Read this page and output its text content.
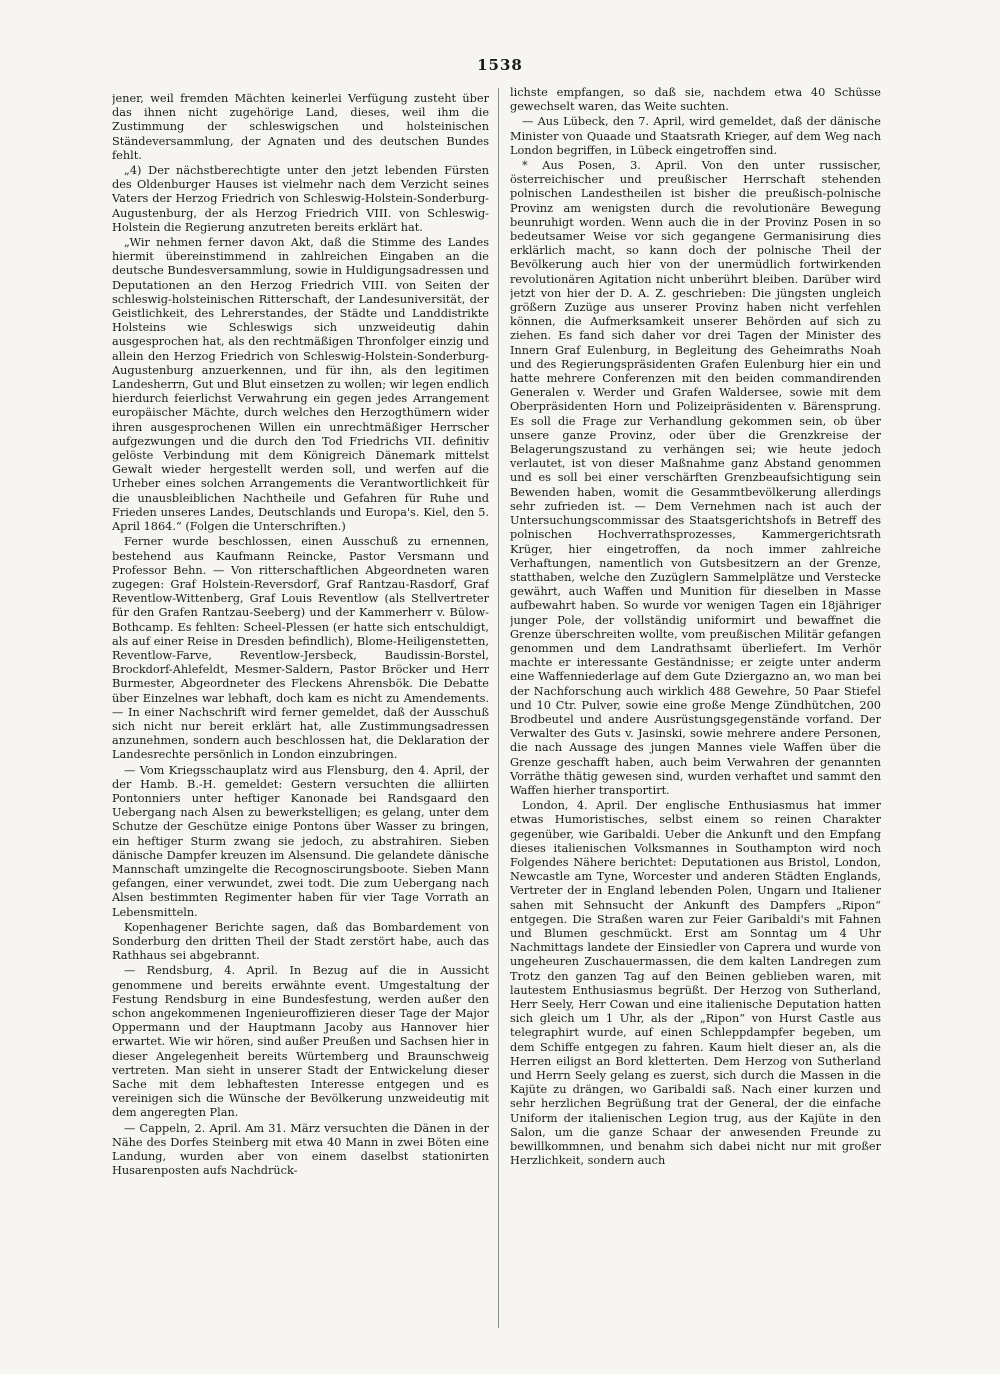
1538

jener, weil fremden Mächten keinerlei Verfügung zusteht über das ihnen nicht zugehörige Land, dieses, weil ihm die Zustimmung der schleswigschen und holsteinischen Ständeversammlung, der Agnaten und des deutschen Bundes fehlt.

„4) Der nächstberechtigte unter den jetzt lebenden Fürsten des Oldenburger Hauses ist vielmehr nach dem Verzicht seines Vaters der Herzog Friedrich von Schleswig-Holstein-Sonderburg-Augustenburg, der als Herzog Friedrich VIII. von Schleswig-Holstein die Regierung anzutreten bereits erklärt hat.

„Wir nehmen ferner davon Akt, daß die Stimme des Landes hiermit übereinstimmend in zahlreichen Eingaben an die deutsche Bundesversammlung, sowie in Huldigungsadressen und Deputationen an den Herzog Friedrich VIII. von Seiten der schleswig-holsteinischen Ritterschaft, der Landesuniversität, der Geistlichkeit, des Lehrerstandes, der Städte und Landdistrikte Holsteins wie Schleswigs sich unzweideutig dahin ausgesprochen hat, als den rechtmäßigen Thronfolger einzig und allein den Herzog Friedrich von Schleswig-Holstein-Sonderburg-Augustenburg anzuerkennen, und für ihn, als den legitimen Landesherrn, Gut und Blut einsetzen zu wollen; wir legen endlich hierdurch feierlichst Verwahrung ein gegen jedes Arrangement europäischer Mächte, durch welches den Herzogthümern wider ihren ausgesprochenen Willen ein unrechtmäßiger Herrscher aufgezwungen und die durch den Tod Friedrichs VII. definitiv gelöste Verbindung mit dem Königreich Dänemark mittelst Gewalt wieder hergestellt werden soll, und werfen auf die Urheber eines solchen Arrangements die Verantwortlichkeit für die unausbleiblichen Nachtheile und Gefahren für Ruhe und Frieden unseres Landes, Deutschlands und Europa's. Kiel, den 5. April 1864.“ (Folgen die Unterschriften.)

Ferner wurde beschlossen, einen Ausschuß zu ernennen, bestehend aus Kaufmann Reincke, Pastor Versmann und Professor Behn. — Von ritterschaftlichen Abgeordneten waren zugegen: Graf Holstein-Reversdorf, Graf Rantzau-Rasdorf, Graf Reventlow-Wittenberg, Graf Louis Reventlow (als Stellvertreter für den Grafen Rantzau-Seeberg) und der Kammerherr v. Bülow-Bothcamp. Es fehlten: Scheel-Plessen (er hatte sich entschuldigt, als auf einer Reise in Dresden befindlich), Blome-Heiligenstetten, Reventlow-Farve, Reventlow-Jersbeck, Baudissin-Borstel, Brockdorf-Ahlefeldt, Mesmer-Saldern, Pastor Bröcker und Herr Burmester, Abgeordneter des Fleckens Ahrensbök. Die Debatte über Einzelnes war lebhaft, doch kam es nicht zu Amendements. — In einer Nachschrift wird ferner gemeldet, daß der Ausschuß sich nicht nur bereit erklärt hat, alle Zustimmungsadressen anzunehmen, sondern auch beschlossen hat, die Deklaration der Landesrechte persönlich in London einzubringen.

— Vom Kriegsschauplatz wird aus Flensburg, den 4. April, der der Hamb. B.-H. gemeldet: Gestern versuchten die alliirten Pontonniers unter heftiger Kanonade bei Randsgaard den Uebergang nach Alsen zu bewerkstelligen; es gelang, unter dem Schutze der Geschütze einige Pontons über Wasser zu bringen, ein heftiger Sturm zwang sie jedoch, zu abstrahiren. Sieben dänische Dampfer kreuzen im Alsensund. Die gelandete dänische Mannschaft umzingelte die Recognoscirungsboote. Sieben Mann gefangen, einer verwundet, zwei todt. Die zum Uebergang nach Alsen bestimmten Regimenter haben für vier Tage Vorrath an Lebensmitteln.

Kopenhagener Berichte sagen, daß das Bombardement von Sonderburg den dritten Theil der Stadt zerstört habe, auch das Rathhaus sei abgebrannt.

— Rendsburg, 4. April. In Bezug auf die in Aussicht genommene und bereits erwähnte event. Umgestaltung der Festung Rendsburg in eine Bundesfestung, werden außer den schon angekommenen Ingenieuroffizieren dieser Tage der Major Oppermann und der Hauptmann Jacoby aus Hannover hier erwartet. Wie wir hören, sind außer Preußen und Sachsen hier in dieser Angelegenheit bereits Würtemberg und Braunschweig vertreten. Man sieht in unserer Stadt der Entwickelung dieser Sache mit dem lebhaftesten Interesse entgegen und es vereinigen sich die Wünsche der Bevölkerung unzweideutig mit dem angeregten Plan.

— Cappeln, 2. April. Am 31. März versuchten die Dänen in der Nähe des Dorfes Steinberg mit etwa 40 Mann in zwei Böten eine Landung, wurden aber von einem daselbst stationirten Husarenposten aufs Nachdrück-

lichste empfangen, so daß sie, nachdem etwa 40 Schüsse gewechselt waren, das Weite suchten.

— Aus Lübeck, den 7. April, wird gemeldet, daß der dänische Minister von Quaade und Staatsrath Krieger, auf dem Weg nach London begriffen, in Lübeck eingetroffen sind.

* Aus Posen, 3. April. Von den unter russischer, österreichischer und preußischer Herrschaft stehenden polnischen Landestheilen ist bisher die preußisch-polnische Provinz am wenigsten durch die revolutionäre Bewegung beunruhigt worden. Wenn auch die in der Provinz Posen in so bedeutsamer Weise vor sich gegangene Germanisirung dies erklärlich macht, so kann doch der polnische Theil der Bevölkerung auch hier von der unermüdlich fortwirkenden revolutionären Agitation nicht unberührt bleiben. Darüber wird jetzt von hier der D. A. Z. geschrieben: Die jüngsten ungleich größern Zuzüge aus unserer Provinz haben nicht verfehlen können, die Aufmerksamkeit unserer Behörden auf sich zu ziehen. Es fand sich daher vor drei Tagen der Minister des Innern Graf Eulenburg, in Begleitung des Geheimraths Noah und des Regierungspräsidenten Grafen Eulenburg hier ein und hatte mehrere Conferenzen mit den beiden commandirenden Generalen v. Werder und Grafen Waldersee, sowie mit dem Oberpräsidenten Horn und Polizeipräsidenten v. Bärensprung. Es soll die Frage zur Verhandlung gekommen sein, ob über unsere ganze Provinz, oder über die Grenzkreise der Belagerungszustand zu verhängen sei; wie heute jedoch verlautet, ist von dieser Maßnahme ganz Abstand genommen und es soll bei einer verschärften Grenzbeaufsichtigung sein Bewenden haben, womit die Gesammtbevölkerung allerdings sehr zufrieden ist. — Dem Vernehmen nach ist auch der Untersuchungscommissar des Staatsgerichtshofs in Betreff des polnischen Hochverrathsprozesses, Kammergerichtsrath Krüger, hier eingetroffen, da noch immer zahlreiche Verhaftungen, namentlich von Gutsbesitzern an der Grenze, statthaben, welche den Zuzüglern Sammelplätze und Verstecke gewährt, auch Waffen und Munition für dieselben in Masse aufbewahrt haben. So wurde vor wenigen Tagen ein 18jähriger junger Pole, der vollständig uniformirt und bewaffnet die Grenze überschreiten wollte, vom preußischen Militär gefangen genommen und dem Landrathsamt überliefert. Im Verhör machte er interessante Geständnisse; er zeigte unter anderm eine Waffenniederlage auf dem Gute Dziergazno an, wo man bei der Nachforschung auch wirklich 488 Gewehre, 50 Paar Stiefel und 10 Ctr. Pulver, sowie eine große Menge Zündhütchen, 200 Brodbeutel und andere Ausrüstungsgegenstände vorfand. Der Verwalter des Guts v. Jasinski, sowie mehrere andere Personen, die nach Aussage des jungen Mannes viele Waffen über die Grenze geschafft haben, auch beim Verwahren der genannten Vorräthe thätig gewesen sind, wurden verhaftet und sammt den Waffen hierher transportirt.

London, 4. April. Der englische Enthusiasmus hat immer etwas Humoristisches, selbst einem so reinen Charakter gegenüber, wie Garibaldi. Ueber die Ankunft und den Empfang dieses italienischen Volksmannes in Southampton wird noch Folgendes Nähere berichtet: Deputationen aus Bristol, London, Newcastle am Tyne, Worcester und anderen Städten Englands, Vertreter der in England lebenden Polen, Ungarn und Italiener sahen mit Sehnsucht der Ankunft des Dampfers „Ripon“ entgegen. Die Straßen waren zur Feier Garibaldi's mit Fahnen und Blumen geschmückt. Erst am Sonntag um 4 Uhr Nachmittags landete der Einsiedler von Caprera und wurde von ungeheuren Zuschauermassen, die dem kalten Landregen zum Trotz den ganzen Tag auf den Beinen geblieben waren, mit lautestem Enthusiasmus begrüßt. Der Herzog von Sutherland, Herr Seely, Herr Cowan und eine italienische Deputation hatten sich gleich um 1 Uhr, als der „Ripon“ von Hurst Castle aus telegraphirt wurde, auf einen Schleppdampfer begeben, um dem Schiffe entgegen zu fahren. Kaum hielt dieser an, als die Herren eiligst an Bord kletterten. Dem Herzog von Sutherland und Herrn Seely gelang es zuerst, sich durch die Massen in die Kajüte zu drängen, wo Garibaldi saß. Nach einer kurzen und sehr herzlichen Begrüßung trat der General, der die einfache Uniform der italienischen Legion trug, aus der Kajüte in den Salon, um die ganze Schaar der anwesenden Freunde zu bewillkommnen, und benahm sich dabei nicht nur mit großer Herzlichkeit, sondern auch
